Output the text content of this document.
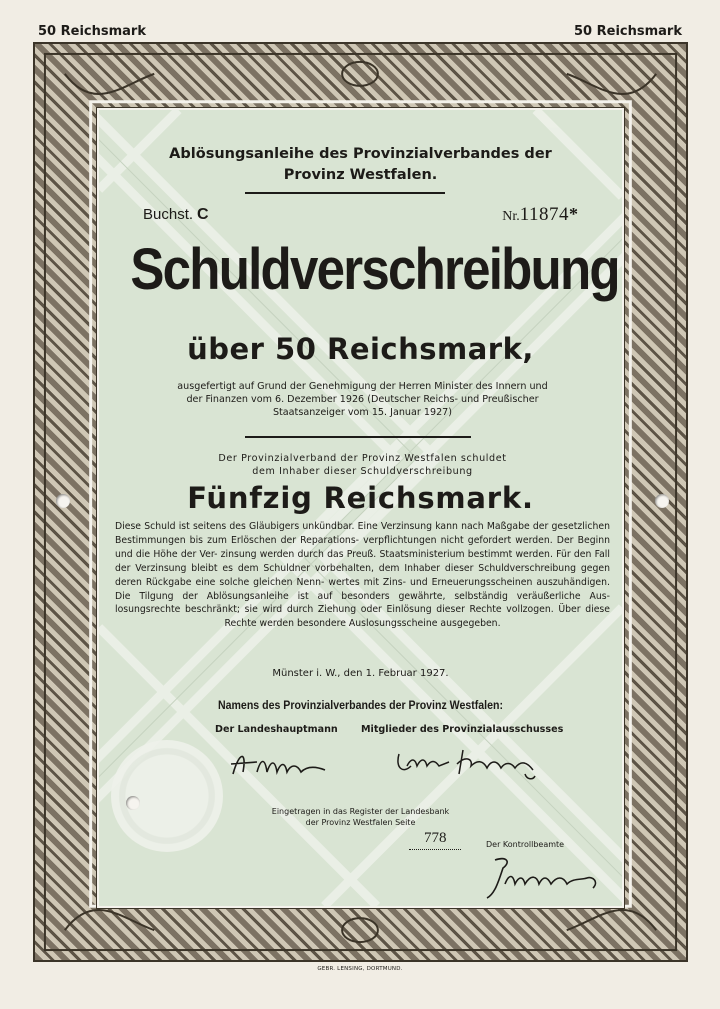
50 Reichsmark	50 Reichsmark
Ablösungsanleihe des Provinzialverbandes der
Provinz Westfalen.
Buchst. C	Nr.11874*
Schuldverschreibung
über 50 Reichsmark,
ausgefertigt auf Grund der Genehmigung der Herren Minister des Innern und
der Finanzen vom 6. Dezember 1926 (Deutscher Reichs- und Preußischer
Staatsanzeiger vom 15. Januar 1927)
Der Provinzialverband der Provinz Westfalen schuldet
dem Inhaber dieser Schuldverschreibung
Fünfzig Reichsmark.
Diese Schuld ist seitens des Gläubigers unkündbar. Eine Verzinsung kann nach Maßgabe der gesetzlichen Bestimmungen bis zum Erlöschen der Reparations- verpflichtungen nicht gefordert werden. Der Beginn und die Höhe der Ver- zinsung werden durch das Preuß. Staatsministerium bestimmt werden. Für den Fall der Verzinsung bleibt es dem Schuldner vorbehalten, dem Inhaber dieser Schuldverschreibung gegen deren Rückgabe eine solche gleichen Nenn- wertes mit Zins- und Erneuerungsscheinen auszuhändigen. Die Tilgung der Ablösungsanleihe ist auf besonders gewährte, selbständig veräußerliche Aus- losungsrechte beschränkt; sie wird durch Ziehung oder Einlösung dieser Rechte vollzogen. Über diese Rechte werden besondere Auslosungsscheine ausgegeben.
Münster i. W., den 1. Februar 1927.
Namens des Provinzialverbandes der Provinz Westfalen:
Der Landeshauptmann Mitglieder des Provinzialausschusses
Eingetragen in das Register der Landesbank
der Provinz Westfalen Seite
778	Der Kontrollbeamte
GEBR. LENSING, DORTMUND.
